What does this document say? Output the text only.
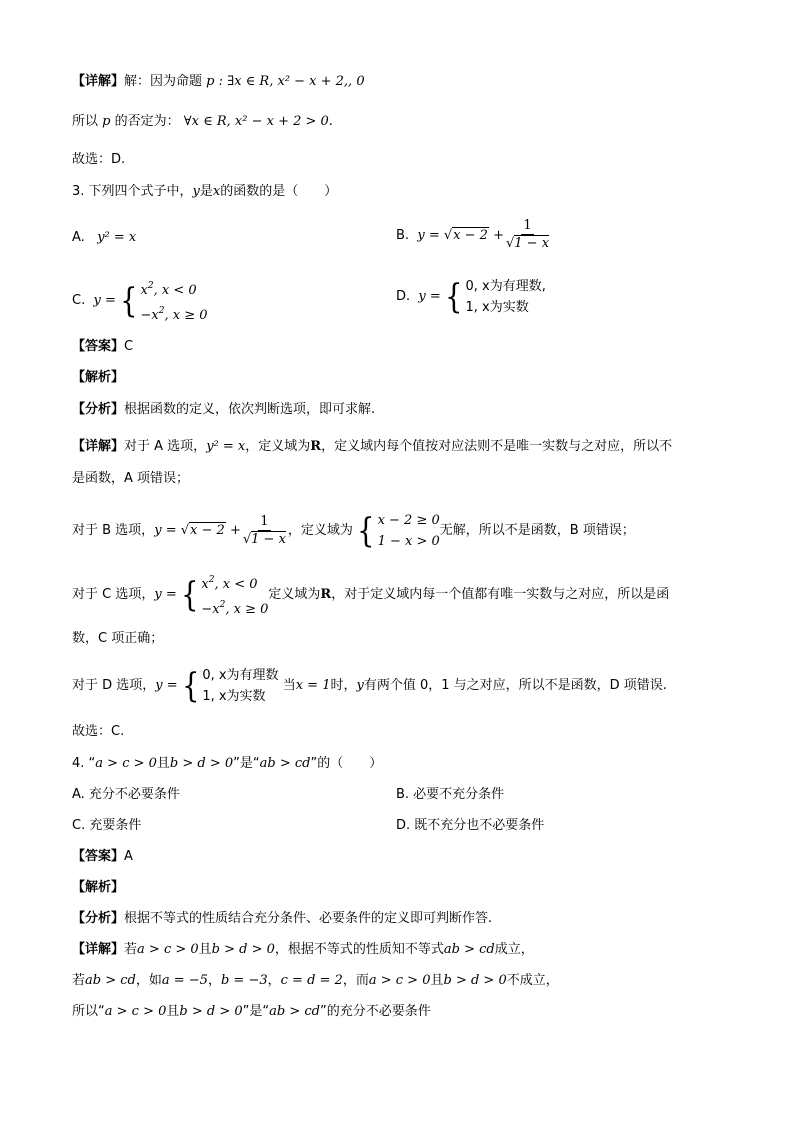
【详解】解：因为命题 p : ∃x ∈ R, x² − x + 2,, 0
所以 p 的否定为： ∀x ∈ R, x² − x + 2 > 0.
故选：D.
3. 下列四个式子中，y是x的函数的是（　　）
A. y² = x	B.
y
=
√x − 2
+ $\frac{1}{√1 - x}$
C.
y
= { $x^2$, x < 0
$-x^2$, x ≥ 0
D.
y
= { 0, x为有理数,
1, x为实数
【答案】C
【解析】
【分析】根据函数的定义，依次判断选项，即可求解.
【详解】对于 A 选项，y² = x，定义域为R，定义域内每个值按对应法则不是唯一实数与之对应，所以不
是函数，A 项错误；
对于 B 选项， y
=
√x − 2
+ $\frac{1}{√1 - x}$ ，定义域为 { x − 2 ≥ 0
1 − x > 0
无解，所以不是函数，B 项错误；
对于 C 选项， y
= { $x^2$, x < 0
$-x^2$, x ≥ 0
定义域为 R ，对于定义域内每一个值都有唯一实数与之对应，所以是函
数，C 项正确；
对于 D 选项， y
= { 0, x为有理数
1, x为实数

当 x = 1 时， y 有两个值 0，1 与之对应，所以不是函数，D 项错误.
故选：C.
4. “a > c > 0且b > d > 0”是“ab > cd”的（　　）
A. 充分不必要条件	B. 必要不充分条件
C. 充要条件	D. 既不充分也不必要条件
【答案】A
【解析】
【分析】根据不等式的性质结合充分条件、必要条件的定义即可判断作答.
【详解】若a > c > 0且b > d > 0，根据不等式的性质知不等式ab > cd成立，
若ab > cd，如a = −5，b = −3，c = d = 2，而a > c > 0且b > d > 0不成立，
所以“a > c > 0且b > d > 0”是“ab > cd”的充分不必要条件
